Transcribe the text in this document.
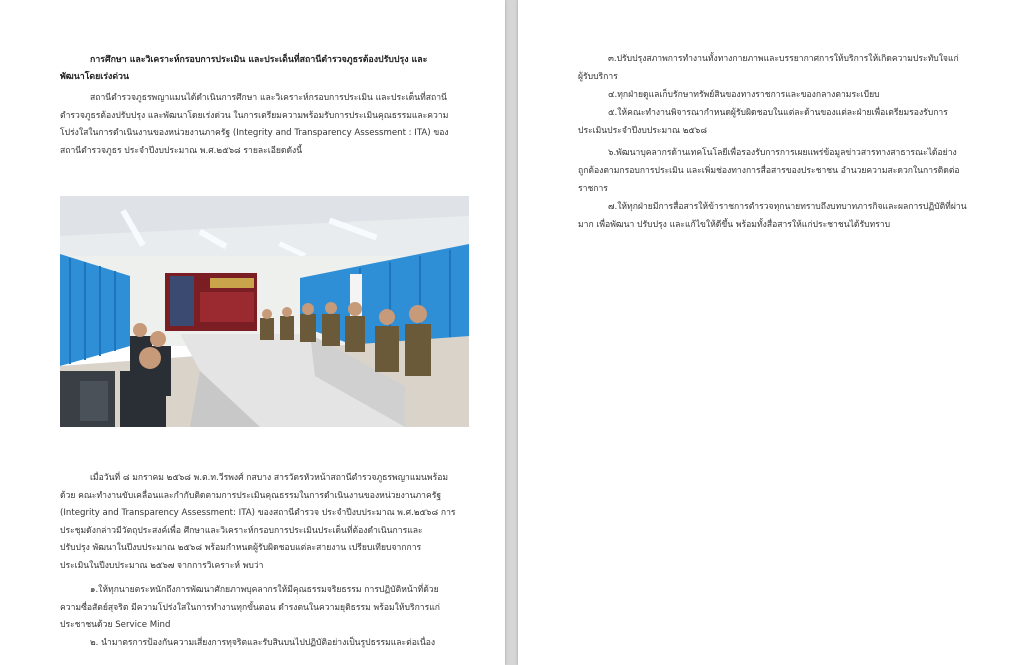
การศึกษา และวิเคราะห์กรอบการประเมิน และประเด็นที่สถานีตำรวจภูธรต้องปรับปรุง และ
พัฒนาโดยเร่งด่วน

สถานีตำรวจภูธรพญาแมนได้ดำเนินการศึกษา และวิเคราะห์กรอบการประเมิน และประเด็นที่สถานี
ตำรวจภูธรต้องปรับปรุง และพัฒนาโดยเร่งด่วน ในการเตรียมความพร้อมรับการประเมินคุณธรรมและความ
โปร่งใสในการดำเนินงานของหน่วยงานภาครัฐ (Integrity and Transparency Assessment : ITA) ของ
สถานีตำรวจภูธร ประจำปีงบประมาณ พ.ศ.๒๕๖๘ รายละเอียดดังนี้

เมื่อวันที่ ๘ มกราคม ๒๕๖๘ พ.ต.ท.วีรพงศ์ กสบาง สารวัตรหัวหน้าสถานีตำรวจภูธรพญาแมนพร้อม
ด้วย คณะทำงานขับเคลื่อนและกำกับติดตามการประเมินคุณธรรมในการดำเนินงานของหน่วยงานภาครัฐ
(Integrity and Transparency Assessment: ITA) ของสถานีตำรวจ ประจำปีงบประมาณ พ.ศ.๒๕๖๘ การ
ประชุมดังกล่าวมีวัตถุประสงค์เพื่อ ศึกษาและวิเคราะห์กรอบการประเมินประเด็นที่ต้องดำเนินการและ
ปรับปรุง พัฒนาในปีงบประมาณ ๒๕๖๘ พร้อมกำหนดผู้รับผิดชอบแต่ละสายงาน เปรียบเทียบจากการ
ประเมินในปีงบประมาณ ๒๕๖๗ จากการวิเคราะห์ พบว่า
๑.ให้ทุกนายตระหนักถึงการพัฒนาศักยภาพบุคลากรให้มีคุณธรรมจริยธรรม การปฏิบัติหน้าที่ด้วย
ความซื่อสัตย์สุจริต มีความโปร่งใสในการทำงานทุกขั้นตอน ดำรงตนในความยุติธรรม พร้อมให้บริการแก่
ประชาชนด้วย Service Mind
๒. นำมาตรการป้องกันความเสี่ยงการทุจริตและรับสินบนไปปฏิบัติอย่างเป็นรูปธรรมและต่อเนื่อง
๓.ปรับปรุงสภาพการทำงานทั้งทางกายภาพและบรรยากาศการให้บริการให้เกิดความประทับใจแก่
ผู้รับบริการ
๔.ทุกฝ่ายดูแลเก็บรักษาทรัพย์สินของทางราชการและของกลางตามระเบียบ
๕.ให้คณะทำงานพิจารณากำหนดผู้รับผิดชอบในแต่ละด้านของแต่ละฝ่ายเพื่อเตรียมรองรับการ
ประเมินประจำปีงบประมาณ ๒๕๖๘
๖.พัฒนาบุคลากรด้านเทคโนโลยีเพื่อรองรับการการเผยแพร่ข้อมูลข่าวสารทางสาธารณะได้อย่าง
ถูกต้องตามกรอบการประเมิน และเพิ่มช่องทางการสื่อสารของประชาชน อำนวยความสะดวกในการติดต่อ
ราชการ
๗.ให้ทุกฝ่ายมีการสื่อสารให้ข้าราชการตำรวจทุกนายทราบถึงบทบาทภารกิจและผลการปฏิบัติที่ผ่าน
มาก เพื่อพัฒนา ปรับปรุง และแก้ไขให้ดีขึ้น พร้อมทั้งสื่อสารให้แก่ประชาชนได้รับทราบ
